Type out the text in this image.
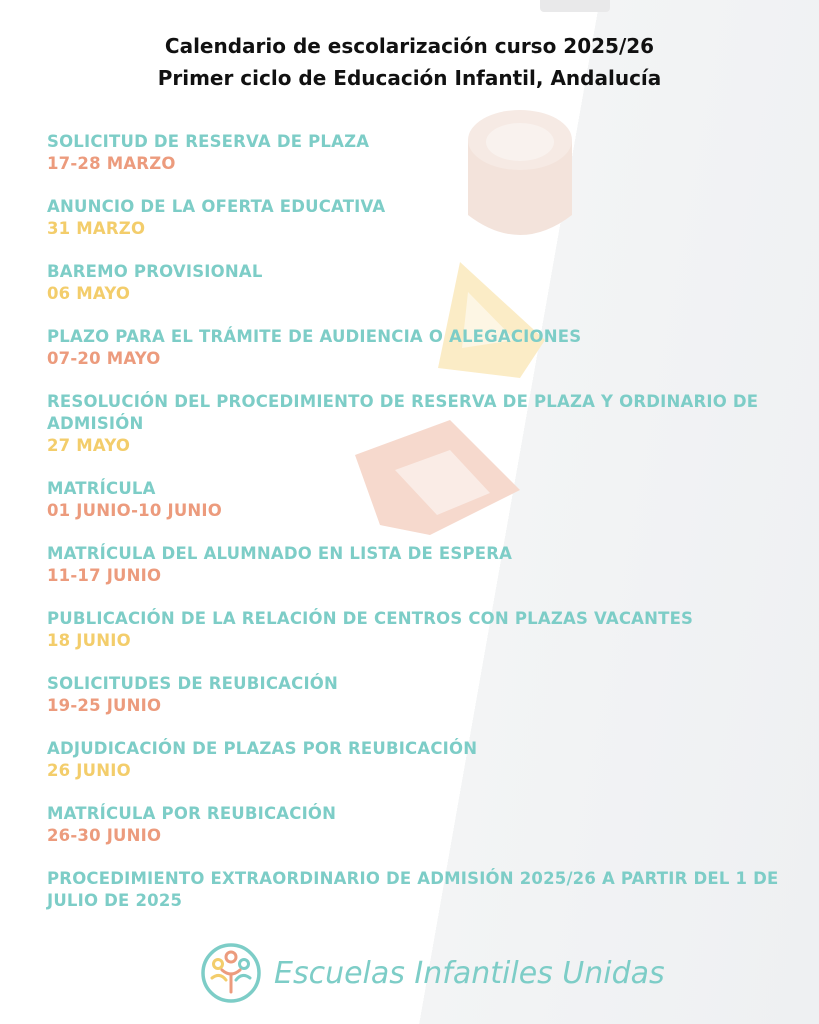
Calendario de escolarización curso 2025/26
Primer ciclo de Educación Infantil, Andalucía
SOLICITUD DE RESERVA DE PLAZA
17-28 MARZO
ANUNCIO DE LA OFERTA EDUCATIVA
31 MARZO
BAREMO PROVISIONAL
06 MAYO
PLAZO PARA EL TRÁMITE DE AUDIENCIA O ALEGACIONES
07-20 MAYO
RESOLUCIÓN DEL PROCEDIMIENTO DE RESERVA DE PLAZA Y ORDINARIO DE ADMISIÓN
27 MAYO
MATRÍCULA
01 JUNIO-10 JUNIO
MATRÍCULA DEL ALUMNADO EN LISTA DE ESPERA
11-17 JUNIO
PUBLICACIÓN DE LA RELACIÓN DE CENTROS CON PLAZAS VACANTES
18 JUNIO
SOLICITUDES DE REUBICACIÓN
19-25 JUNIO
ADJUDICACIÓN DE PLAZAS POR REUBICACIÓN
26 JUNIO
MATRÍCULA POR REUBICACIÓN
26-30 JUNIO
PROCEDIMIENTO EXTRAORDINARIO DE ADMISIÓN 2025/26 A PARTIR DEL 1 DE JULIO DE 2025
Escuelas Infantiles Unidas
